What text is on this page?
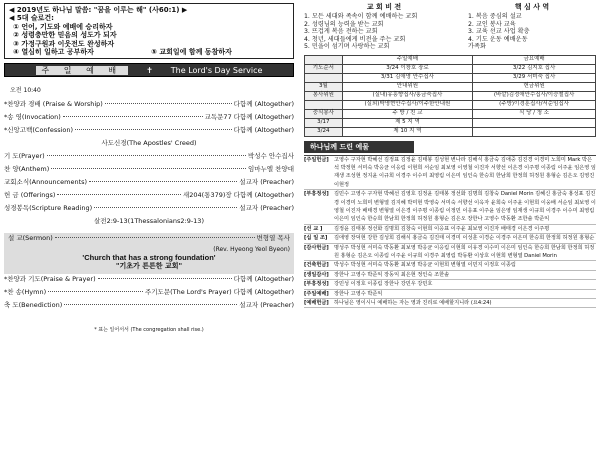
◀ 2019년도 하나님 말씀: "꿈을 이루는 해" (사60:1) ▶
◀ 5대 슬로건:
① 언어, 기도와 예배에 승리하자
② 성령충만한 믿음의 성도가 되자
③ 가정구원과 이웃전도 완성하자
④ 열심히 일하고 공부하자	⑤ 교회일에 함께 동참하자
주 일 예 배	✝ The Lord's Day Service
오전 10:40
*찬양과 경배 (Praise & Worship)	다함께 (Altogether)
*송 영(Invocation)	교독문77 다함께 (Altogether)
*신앙고백(Confession)	다함께 (Altogether)
사도신경(The Apostles' Creed)
기 도(Prayer)	박성수 안수집사
찬 양(Anthem)	임마누엘 찬양대
교회소식(Announcements)	설교자 (Preacher)
헌 금 (Offerings)	새204(통379)장 다함께 (Altogether)
성경봉독(Scripture Reading)	설교자 (Preacher)
살전2:9-13(1Thessalonians2:9-13)
설 교(Sermon)	변형열 목사
(Rev. Hyeong Yeol Byeon)
'Church that has a strong foundation'
"기초가 튼튼한 교회"
*찬양과 기도(Praise & Prayer)	다함께 (Altogether)
*찬 송(Hymn)	주기도문(The Lord's Prayer) 다함께 (Altogether)
축 도(Benediction)	설교자 (Preacher)
* 표는 일어서서 (The congregation shall rise.)
교 회 비 전
1. 모든 세대와 족속이 함께 예배하는 교회
2. 성령님의 능력을 받는 교회
3. 뜨겁게 복음 전하는 교회
4. 청년, 세대들에게 비전을 주는 교회
5. 민을이 섬기며 사랑하는 교회
핵 심 사 역
1. 복음 중심의 설교
2. 교인 봉사 교육
3. 교육 선교 사업 확충
4. 기도 운동 예배운동
가족화
	주일예배	금요예배
기도순서	3/24 이창호 장로	3/22 김지호 집사
	3/31 김애영 안수집사	3/29 서미숙 집사
3월	안내위원	헌금위원
봉사위원	(실내)유흥향집사/홍금숙집사	(바깥)김정애안수집사/이승철집사
	(실외)박명현안수집사/이주한안내원	(주방)이경훈집사/서순임집사
중식봉사	주 방 / 친 교	식 당 / 청 소
3/17	제 5 지 역	
3/24	제 10 지 역	
하나님께 드린 예물
[주일헌금]	고영수 구자현 박혜선 김정표 김정윤 김태봉 김성현 변나라 김해식 홍금숙 김애중 김진경 이경미 노희미 Mark 박은석 박정현 서미숙 박응균 이응림 이현희 서순임 최보영 이영철 이진자 서향선 이은경 이주평 이종림 이주윤 임은영 임재생 조성현 정지윤 이규희 이경주 이수미 최영림 이은미 임인숙 한승희 한남희 한정희 허정원 홍형순 김은오 김영진 이현정
[부흥정성]	김민수 고영수 구자현 박혜선 김영호 김정윤 김태봉 정선화 김명희 김창숙 Daniel Morin 김혜신 홍금숙 홍성표 김진경 이경미 노희미 변형열 김지혜 박미현 박영숙 서미숙 서향선 이옥자 윤희숙 이주윤 이현희 이웅배 서순임 최보영 이영철 이진자 배태경 변형열 이은경 이주평 이종림 이정민 이응표 이주윤 임은영 임재생 이규희 이경주 이수미 최영림 이은미 임인숙 한승희 한남희 한정희 허정원 홍형순 김은오 장한나 고영수 박동환 조한솔 박준익
[선 교 ]	김정윤 김태봉 정선화 김명희 김창숙 이현희 이응표 이주윤 최보영 이진자 배태경 이은경 이주평
[십 일 조]	김애영 장덕현 강한 김성희 김해식 홍금숙 김진태 이경미 이성훈 이경순 이경주 이은미 한승희 한정희 허정원 홍형순
[감사헌금]	명성주 박성현 서미숙 박동환 최보영 박응균 이응림 이현희 이유경 이수미 이은미 임인숙 한승희 한남희 한정희 허정원 홍형순 김은오 이종림 이주윤 이규희 이경주 최영림 박동환 이상호 이현희 변형열 Daniel Morin
[건축헌금]	박성수 박성현 서미숙 박동환 최보영 박응균 이현희 변형열 이민지 이정호 이종림
[생일감사]	장한나 고영수 박준익 장동익 최은현 정인숙 조한솔
[부흥정성]	강민성 이정호 이종림 장한나 강민우 강민호
[주일예배]	장한나 고영수 박준익
[예배헌금]	하나님은 영이시니 예배하는 자는 영과 진리로 예배할지니라 (요4:24)
